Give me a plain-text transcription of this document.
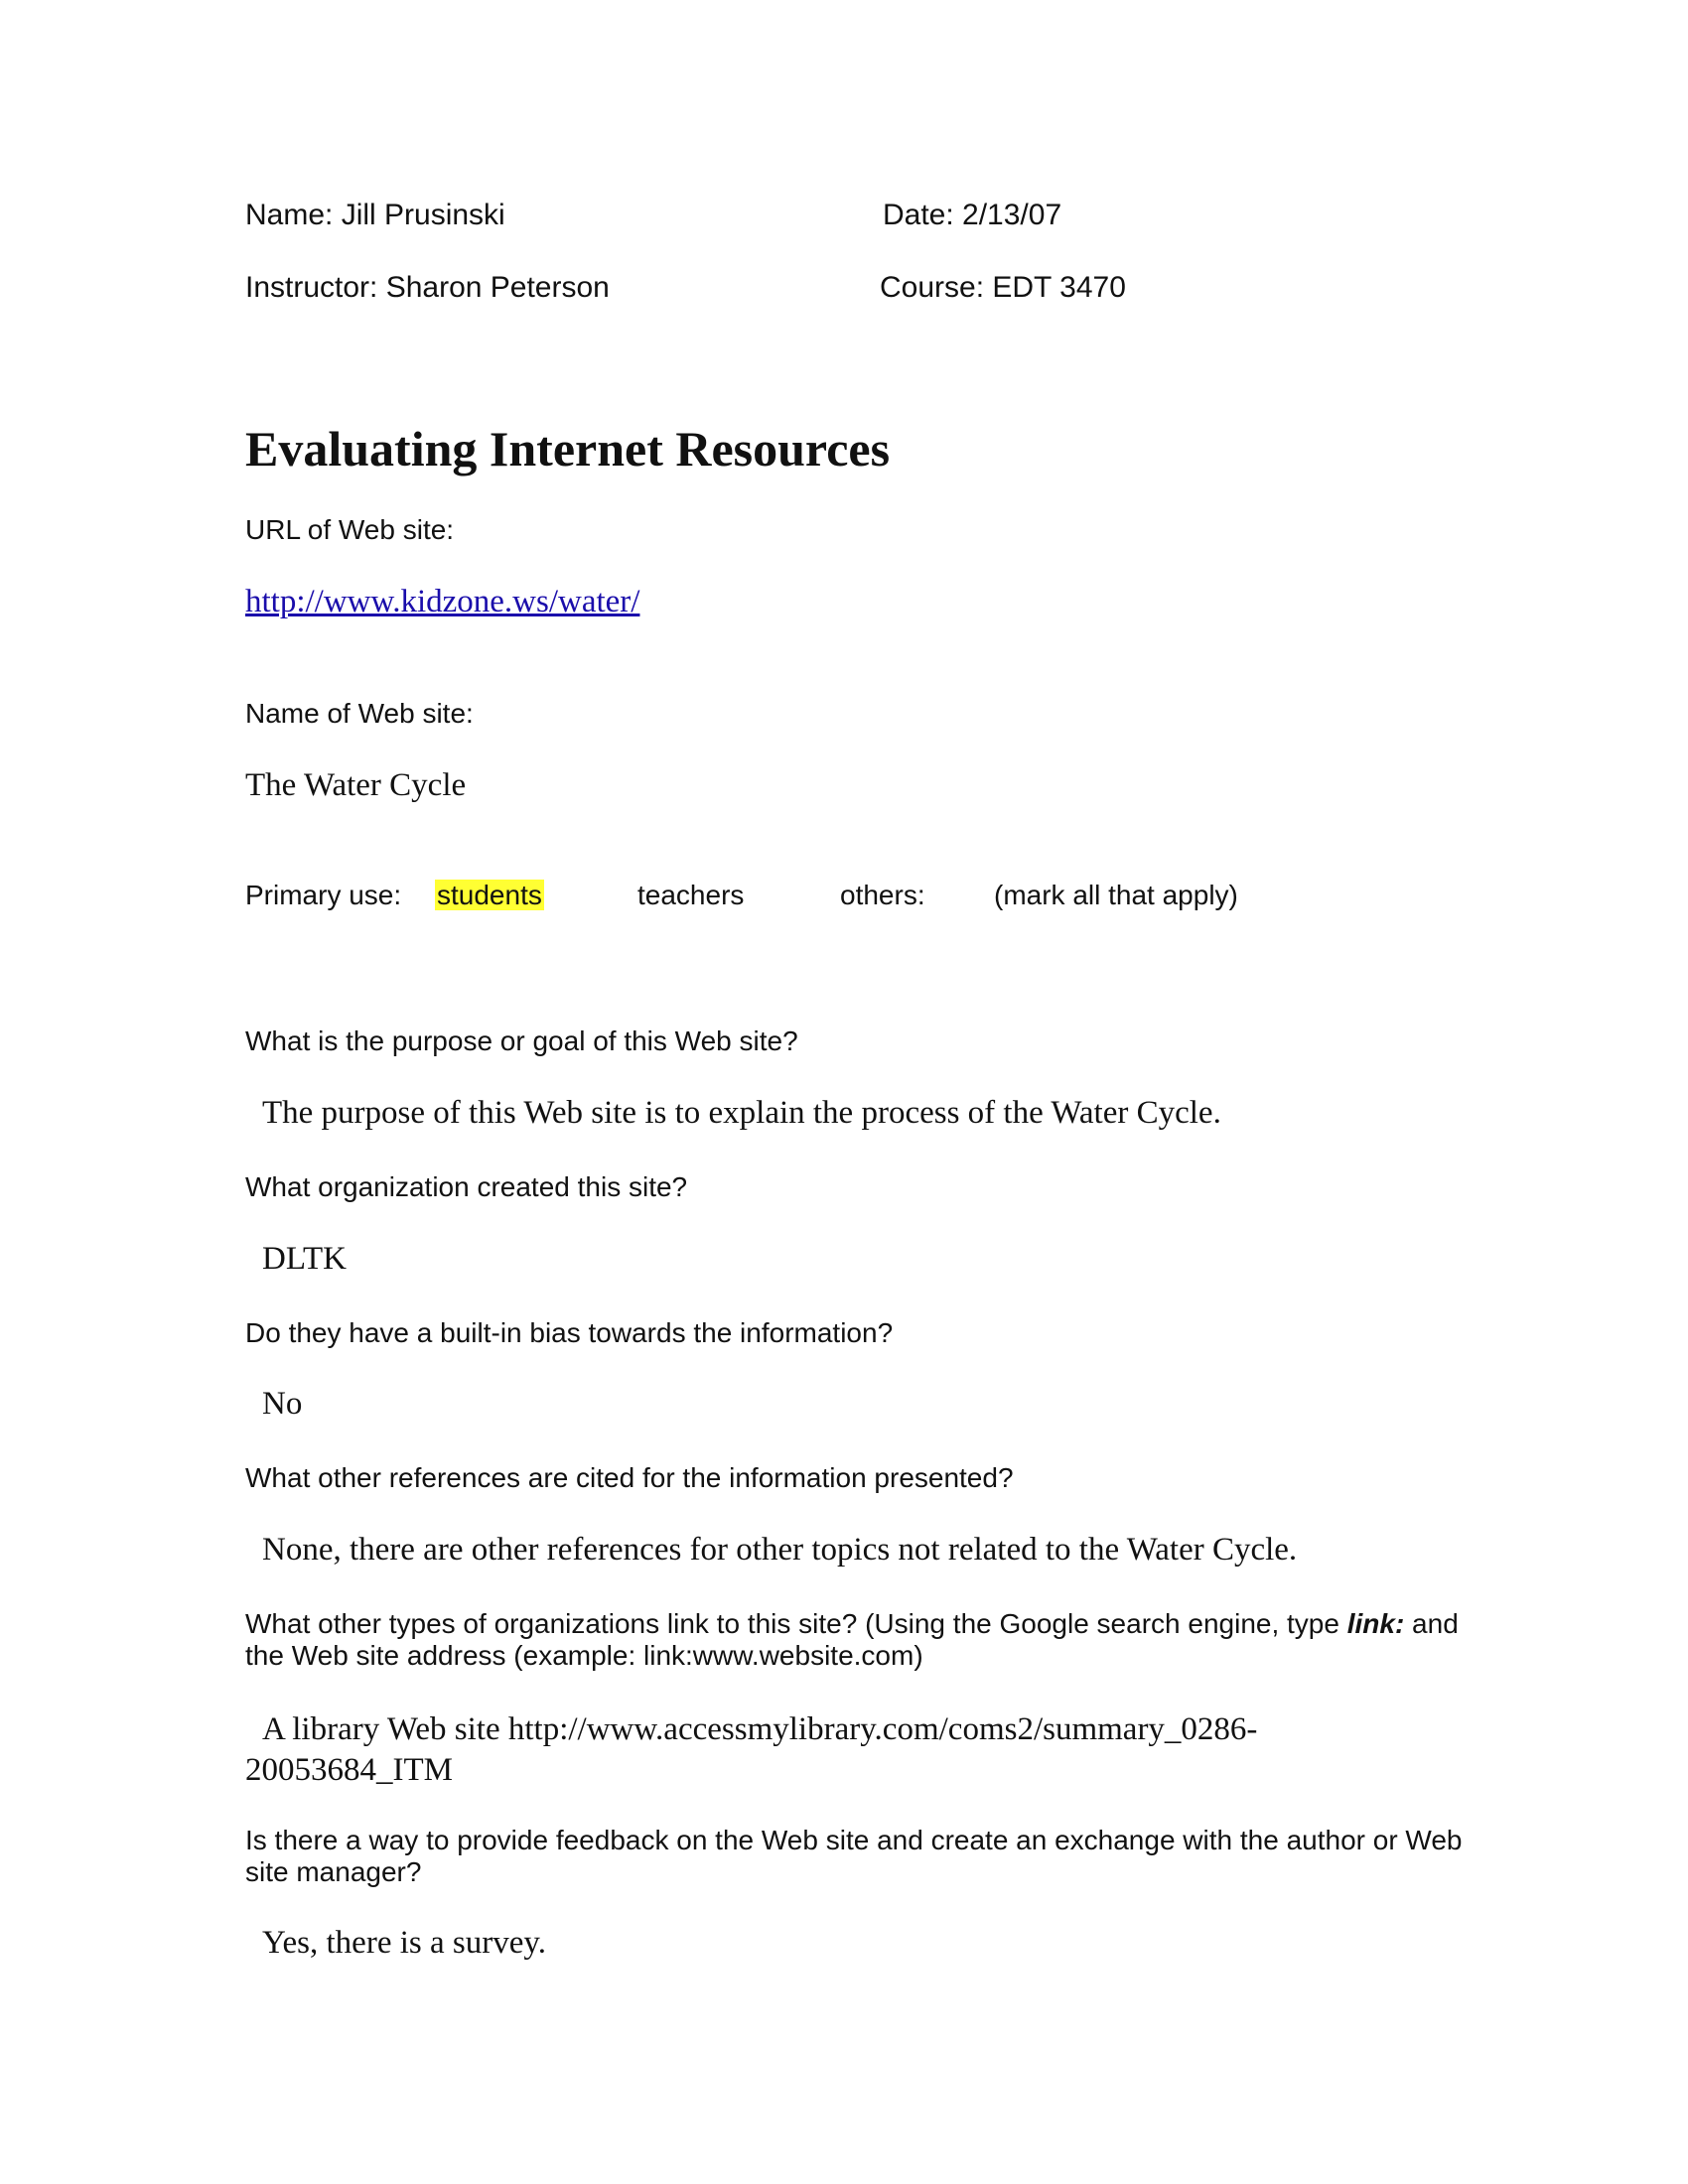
Name: Jill Prusinski	Date: 2/13/07
Instructor: Sharon Peterson	Course: EDT 3470
Evaluating Internet Resources
URL of Web site:
http://www.kidzone.ws/water/
Name of Web site:
The Water Cycle
Primary use: students	teachers	others: (mark all that apply)
What is the purpose or goal of this Web site?
The purpose of this Web site is to explain the process of the Water Cycle.
What organization created this site?
DLTK
Do they have a built-in bias towards the information?
No
What other references are cited for the information presented?
None, there are other references for other topics not related to the Water Cycle.
What other types of organizations link to this site? (Using the Google search engine, type link: and the Web site address (example: link:www.website.com)
A library Web site http://www.accessmylibrary.com/coms2/summary_0286-20053684_ITM
Is there a way to provide feedback on the Web site and create an exchange with the author or Web site manager?
Yes, there is a survey.
